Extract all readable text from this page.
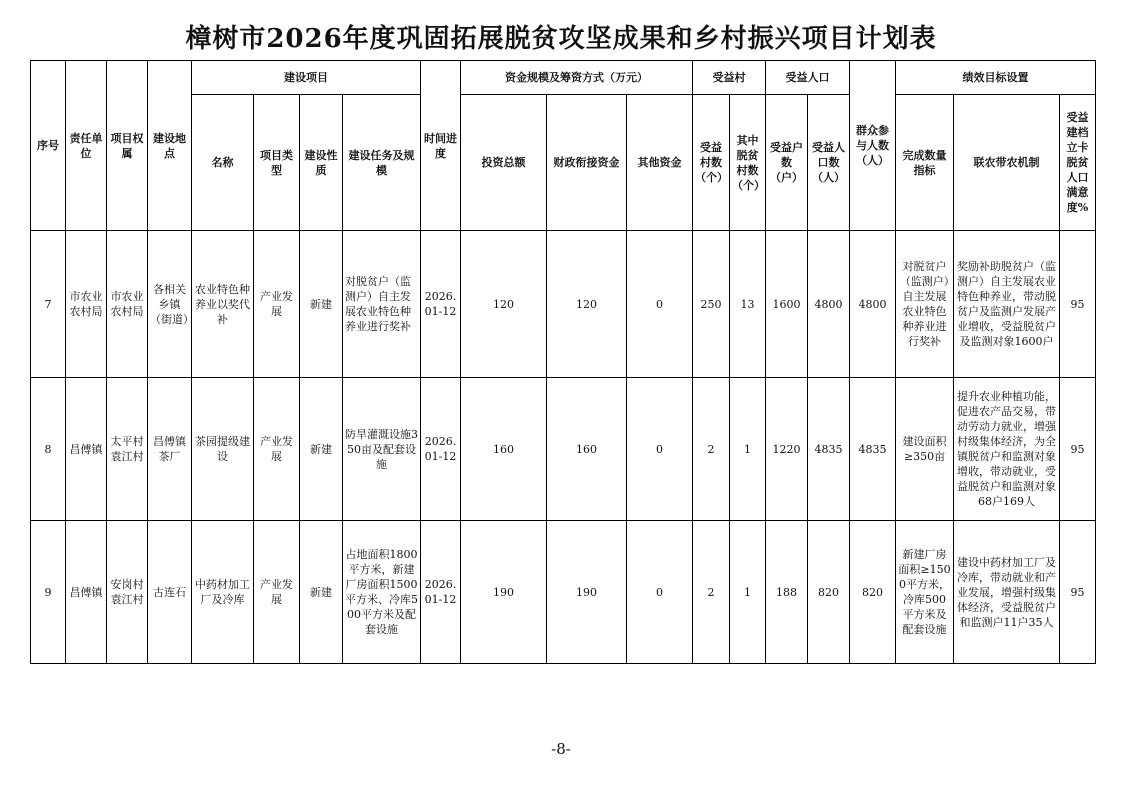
樟树市2026年度巩固拓展脱贫攻坚成果和乡村振兴项目计划表
序号	责任单位	项目权属	建设地点	建设项目				时间进度	资金规模及筹资方式（万元）			受益村		受益人口		群众参与人数（人）	绩效目标设置		
				名称	项目类型	建设性质	建设任务及规模		投资总额	财政衔接资金	其他资金	受益村数（个）	其中脱贫村数（个）	受益户数（户）	受益人口数（人）		完成数量指标	联农带农机制	受益建档立卡脱贫人口满意度%
7	市农业农村局	市农业农村局	各相关乡镇（街道）	农业特色种养业以奖代补	产业发展	新建	对脱贫户（监测户）自主发展农业特色种养业进行奖补	2026.01-12	120	120	0	250	13	1600	4800	4800	对脱贫户（监测户）自主发展农业特色种养业进行奖补	奖励补助脱贫户（监测户）自主发展农业特色种养业，带动脱贫户及监测户发展产业增收，受益脱贫户及监测对象1600户	95
8	昌傅镇	太平村袁江村	昌傅镇茶厂	茶园提级建设	产业发展	新建	防旱灌溉设施350亩及配套设施	2026.01-12	160	160	0	2	1	1220	4835	4835	建设面积≥350亩	提升农业种植功能，促进农产品交易，带动劳动力就业，增强村级集体经济，为全镇脱贫户和监测对象增收，带动就业，受益脱贫户和监测对象68户169人	95
9	昌傅镇	安岗村袁江村	古连石	中药材加工厂及冷库	产业发展	新建	占地面积1800平方米，新建厂房面积1500平方米、冷库500平方米及配套设施	2026.01-12	190	190	0	2	1	188	820	820	新建厂房面积≥1500平方米，冷库500平方米及配套设施	建设中药材加工厂及冷库，带动就业和产业发展，增强村级集体经济，受益脱贫户和监测户11户35人	95
-8-
